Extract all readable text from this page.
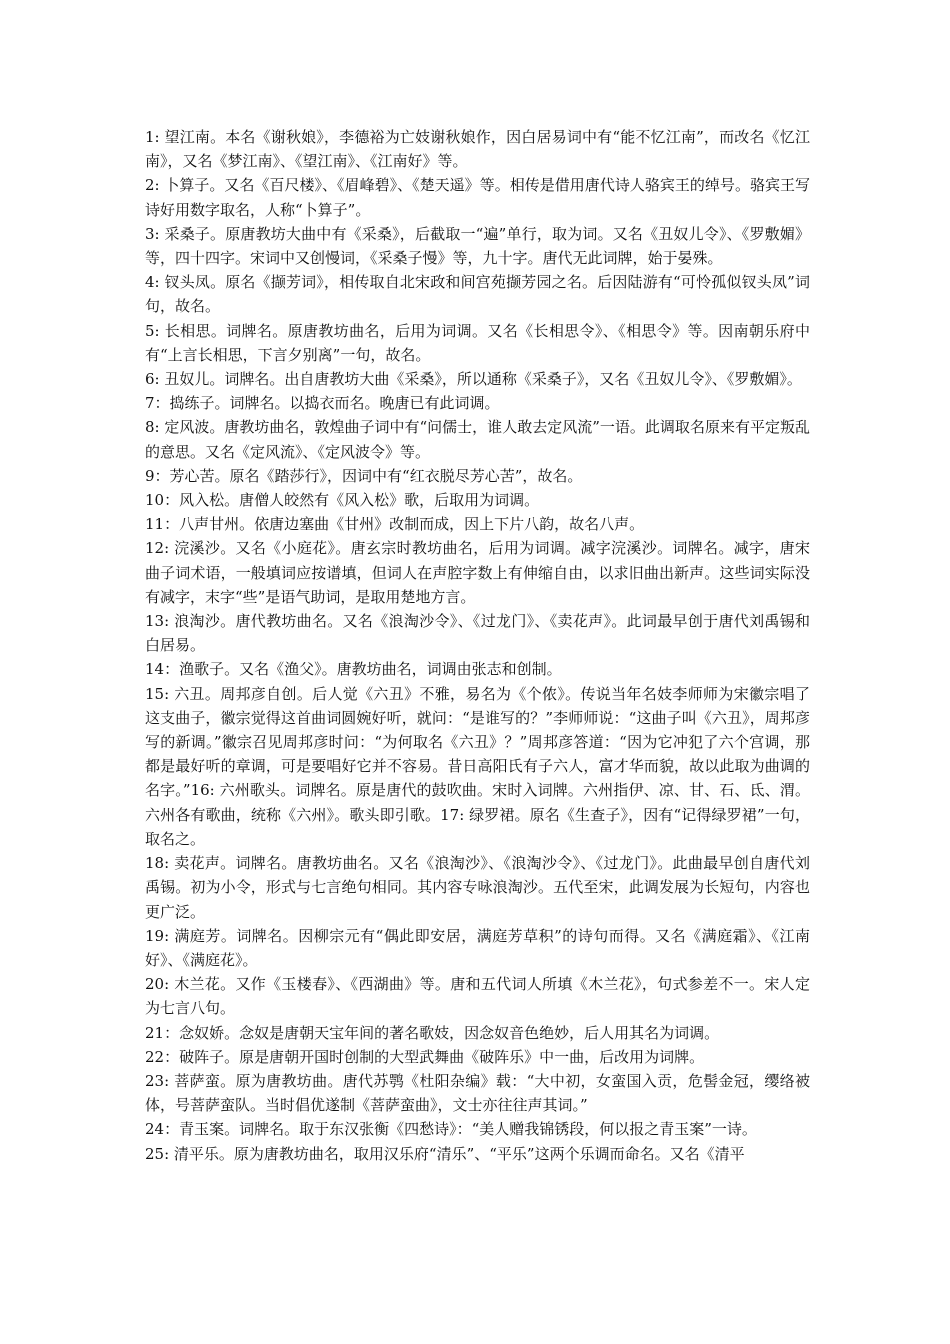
1: 望江南。本名《谢秋娘》，李德裕为亡妓谢秋娘作，因白居易词中有“能不忆江南”，而改名《忆江南》，又名《梦江南》、《望江南》、《江南好》等。

2: 卜算子。又名《百尺楼》、《眉峰碧》、《楚天遥》等。相传是借用唐代诗人骆宾王的绰号。骆宾王写诗好用数字取名，人称“卜算子”。

3: 采桑子。原唐教坊大曲中有《采桑》，后截取一“遍”单行，取为词。又名《丑奴儿令》、《罗敷媚》等，四十四字。宋词中又创慢词，《采桑子慢》等，九十字。唐代无此词牌，始于晏殊。

4: 钗头凤。原名《撷芳词》，相传取自北宋政和间宫苑撷芳园之名。后因陆游有“可怜孤似钗头凤”词句，故名。

5: 长相思。词牌名。原唐教坊曲名，后用为词调。又名《长相思令》、《相思令》等。因南朝乐府中有“上言长相思，下言夕别离”一句，故名。

6: 丑奴儿。词牌名。出自唐教坊大曲《采桑》，所以通称《采桑子》，又名《丑奴儿令》、《罗敷媚》。

7：捣练子。词牌名。以捣衣而名。晚唐已有此词调。

8: 定风波。唐教坊曲名，敦煌曲子词中有“问儒士，谁人敢去定风流”一语。此调取名原来有平定叛乱的意思。又名《定风流》、《定风波令》等。

9：芳心苦。原名《踏莎行》，因词中有“红衣脱尽芳心苦”，故名。

10：风入松。唐僧人皎然有《风入松》歌，后取用为词调。

11：八声甘州。依唐边塞曲《甘州》改制而成，因上下片八韵，故名八声。

12: 浣溪沙。又名《小庭花》。唐玄宗时教坊曲名，后用为词调。减字浣溪沙。词牌名。减字，唐宋曲子词术语，一般填词应按谱填，但词人在声腔字数上有伸缩自由，以求旧曲出新声。这些词实际没有减字，末字“些”是语气助词，是取用楚地方言。

13: 浪淘沙。唐代教坊曲名。又名《浪淘沙令》、《过龙门》、《卖花声》。此词最早创于唐代刘禹锡和白居易。

14：渔歌子。又名《渔父》。唐教坊曲名，词调由张志和创制。

15: 六丑。周邦彦自创。后人觉《六丑》不雅，易名为《个侬》。传说当年名妓李师师为宋徽宗唱了这支曲子，徽宗觉得这首曲词圆婉好听，就问：“是谁写的？”李师师说：“这曲子叫《六丑》，周邦彦写的新调。”徽宗召见周邦彦时问：“为何取名《六丑》？”周邦彦答道：“因为它冲犯了六个宫调，那都是最好听的章调，可是要唱好它并不容易。昔日高阳氏有子六人，富才华而貌，故以此取为曲调的名字。”16: 六州歌头。词牌名。原是唐代的鼓吹曲。宋时入词牌。六州指伊、凉、甘、石、氐、渭。六州各有歌曲，统称《六州》。歌头即引歌。17: 绿罗裙。原名《生查子》，因有“记得绿罗裙”一句，取名之。

18: 卖花声。词牌名。唐教坊曲名。又名《浪淘沙》、《浪淘沙令》、《过龙门》。此曲最早创自唐代刘禹锡。初为小令，形式与七言绝句相同。其内容专咏浪淘沙。五代至宋，此调发展为长短句，内容也更广泛。

19: 满庭芳。词牌名。因柳宗元有“偶此即安居，满庭芳草积”的诗句而得。又名《满庭霜》、《江南好》、《满庭花》。

20: 木兰花。又作《玉楼春》、《西湖曲》等。唐和五代词人所填《木兰花》，句式参差不一。宋人定为七言八句。

21：念奴娇。念奴是唐朝天宝年间的著名歌妓，因念奴音色绝妙，后人用其名为词调。

22：破阵子。原是唐朝开国时创制的大型武舞曲《破阵乐》中一曲，后改用为词牌。

23: 菩萨蛮。原为唐教坊曲。唐代苏鹗《杜阳杂编》载：“大中初，女蛮国入贡，危髻金冠，缨络被体，号菩萨蛮队。当时倡优遂制《菩萨蛮曲》，文士亦往往声其词。”

24：青玉案。词牌名。取于东汉张衡《四愁诗》：“美人赠我锦锈段，何以报之青玉案”一诗。

25: 清平乐。原为唐教坊曲名，取用汉乐府“清乐”、“平乐”这两个乐调而命名。又名《清平
